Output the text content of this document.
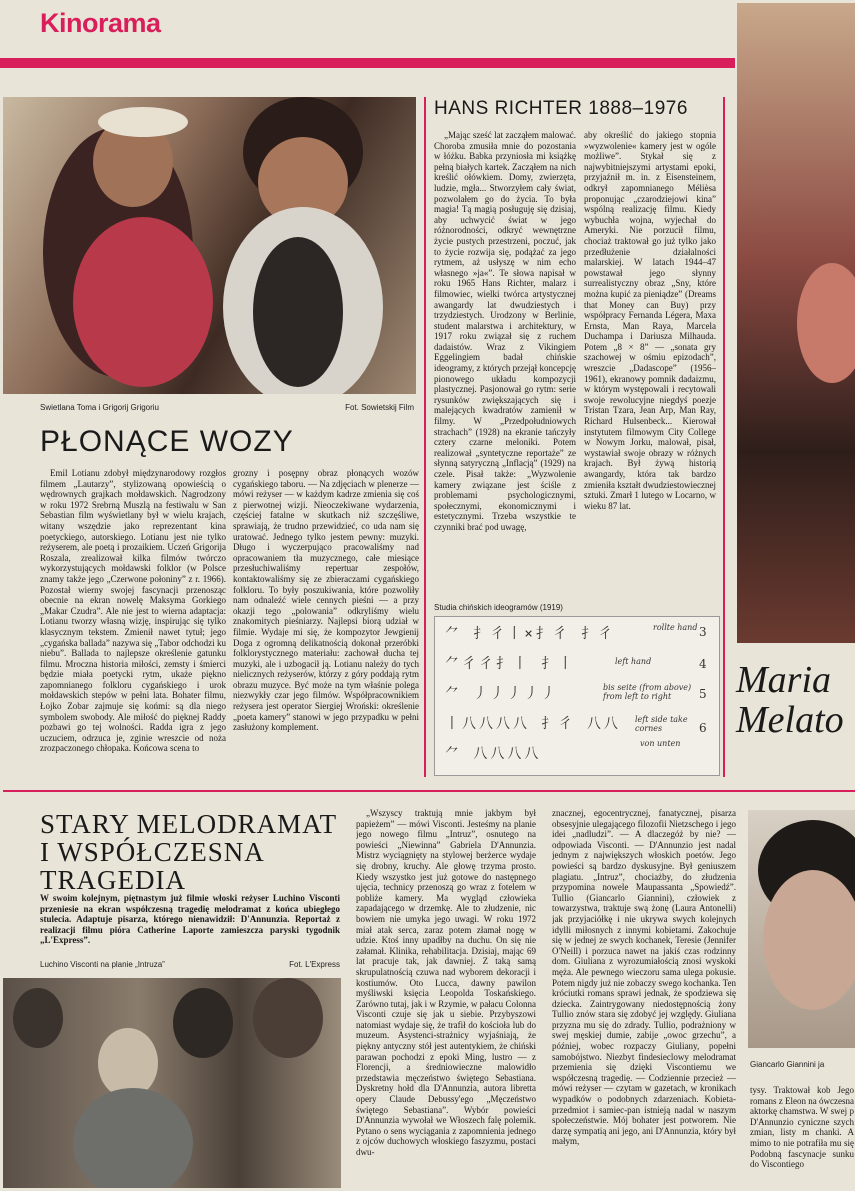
Kinorama
Swietlana Toma i Grigorij Grigoriu	Fot. Sowietskij Film
PŁONĄCE WOZY

Emil Lotianu zdobył międzynarodowy rozgłos filmem „Lautarzy”, stylizowaną opowieścią o wędrownych grajkach mołdawskich. Nagrodzony w roku 1972 Srebrną Muszlą na festiwalu w San Sebastian film wyświetlany był w wielu krajach, witany wszędzie jako reprezentant kina poetyckiego, autorskiego. Lotianu jest nie tylko reżyserem, ale poetą i prozaikiem. Uczeń Grigorija Roszala, zrealizował kilka filmów twórczo wykorzystujących mołdawski folklor (w Polsce znamy także jego „Czerwone połoniny” z r. 1966). Pozostał wierny swojej fascynacji przenosząc obecnie na ekran nowelę Maksyma Gorkiego „Makar Czudra”. Ale nie jest to wierna adaptacja: Lotianu tworzy własną wizję, inspirując się tylko klasycznym tekstem. Zmienił nawet tytuł; jego „cygańska ballada” nazywa się „Tabor odchodzi ku niebu”. Ballada to najlepsze określenie gatunku filmu. Mroczna historia miłości, zemsty i śmierci będzie miała poetycki rytm, ukaże piękno zapomnianego folkloru cygańskiego i urok mołdawskich stepów w pełni lata. Bohater filmu, Łojko Zobar zajmuje się końmi: są dla niego symbolem swobody. Ale miłość do pięknej Raddy pozbawi go tej wolności. Radda igra z jego uczuciem, odrzuca je, zginie wreszcie od noża zrozpaczonego chłopaka. Końcowa scena to

grozny i posępny obraz płonących wozów cygańskiego taboru. — Na zdjęciach w plenerze — mówi reżyser — w każdym kadrze zmienia się coś z pierwotnej wizji. Nieoczekiwane wydarzenia, częściej fatalne w skutkach niż szczęśliwe, sprawiają, że trudno przewidzieć, co uda nam się uratować. Jednego tylko jestem pewny: muzyki. Długo i wyczerpująco pracowaliśmy nad opracowaniem tła muzycznego, całe miesiące przesłuchiwaliśmy repertuar zespołów, kontaktowaliśmy się ze zbieraczami cygańskiego folkloru. To były poszukiwania, które pozwoliły nam odnaleźć wiele cennych pieśni — a przy okazji tego „polowania” odkryliśmy wielu znakomitych pieśniarzy. Najlepsi biorą udział w filmie. Wydaje mi się, że kompozytor Jewgienij Doga z ogromną delikatnością dokonał przeróbki folklorystycznego materiału: zachował ducha tej muzyki, ale i uzbogacił ją. Lotianu należy do tych nielicznych reżyserów, którzy z góry poddają rytm obrazu muzyce. Być może na tym właśnie polega niezwykły czar jego filmów. Współpracownikiem reżysera jest operator Siergiej Wroński: określenie „poeta kamery” stanowi w jego przypadku w pełni zasłużony komplement.

HANS RICHTER 1888–1976

„Mając sześć lat zacząłem malować. Choroba zmusiła mnie do pozostania w łóżku. Babka przyniosła mi książkę pełną białych kartek. Zacząłem na nich kreślić ołówkiem. Domy, zwierzęta, ludzie, mgła... Stworzyłem cały świat, pozwolałem go do życia. To była magia! Tą magią posługuję się dzisiaj, aby uchwycić świat w jego różnorodności, odkryć wewnętrzne życie pustych przestrzeni, poczuć, jak to życie rozwija się, podążać za jego rytmem, aż usłyszę w nim echo własnego »ja«”. Te słowa napisał w roku 1965 Hans Richter, malarz i filmowiec, wielki twórca artystycznej awangardy lat dwudziestych i trzydziestych. Urodzony w Berlinie, student malarstwa i architektury, w 1917 roku związał się z ruchem dadaistów. Wraz z Vikingiem Eggelingiem badał chińskie ideogramy, z których przejął koncepcję pionowego układu kompozycji plastycznej. Pasjonował go rytm: serie rysunków zwiększających się i malejących kwadratów zamienił w filmy. W „Przedpołudniowych strachach” (1928) na ekranie tańczyły cztery czarne meloniki. Potem realizował „syntetyczne reportaże” ze słynną satyryczną „Inflacją” (1929) na czele. Pisał także: „Wyzwolenie kamery związane jest ściśle z problemami psychologicznymi, społecznymi, ekonomicznymi i estetycznymi. Trzeba wszystkie te czynniki brać pod uwagę,

aby określić do jakiego stopnia »wyzwolenie« kamery jest w ogóle możliwe”. Stykał się z najwybitniejszymi artystami epoki, przyjaźnił m. in. z Eisensteinem, odkrył zapomnianego Mélièsa proponując „czarodziejowi kina” wspólną realizację filmu. Kiedy wybuchła wojna, wyjechał do Ameryki. Nie porzucił filmu, chociaż traktował go już tylko jako przedłużenie działalności malarskiej. W latach 1944–47 powstawał jego słynny surrealistyczny obraz „Sny, które można kupić za pieniądze” (Dreams that Money can Buy) przy współpracy Fernanda Légera, Maxa Ernsta, Man Raya, Marcela Duchampa i Dariusza Milhauda. Potem „8 × 8” — „sonata gry szachowej w ośmiu epizodach”, wreszcie „Dadascope” (1956–1961), ekranowy pomnik dadaizmu, w którym występowali i recytowali swoje rewolucyjne niegdyś poezje Tristan Tzara, Jean Arp, Man Ray, Richard Hulsenbeck... Kierował instytutem filmowym City College w Nowym Jorku, malował, pisał, wystawiał swoje obrazy w różnych krajach. Był żywą historią awangardy, która tak bardzo zmieniła kształt dwudziestowiecznej sztuki. Zmarł 1 lutego w Locarno, w wieku 87 lat.

Studia chińskich ideogramów (1919)
⺈ ⺘⼻⼁×⺘⼻ ⺘⼻
⺈⼻⼻⺘⼁ ⺘⼁
⺈ ⼃⼃⼃⼃⼃
⼁⼋⼋⼋⼋ ⺘⼻ ⼋⼋
⺈ ⼋⼋⼋⼋
rollte hand
left hand
bis seite (from above) from left to right
left side take cornes
von unten
3
4
5
6
Maria
Melato
STARY MELODRAMAT I WSPÓŁCZESNA TRAGEDIA
W swoim kolejnym, piętnastym już filmie włoski reżyser Luchino Visconti przeniesie na ekran współczesną tragedię melodramat z końca ubiegłego stulecia. Adaptuje pisarza, którego nienawidził: D'Annunzia. Reportaż z realizacji filmu pióra Catherine Laporte zamieszcza paryski tygodnik „L'Express”.
Luchino Visconti na planie „Intruza”	Fot. L'Express

„Wszyscy traktują mnie jakbym był papieżem” — mówi Visconti. Jesteśmy na planie jego nowego filmu „Intruz”, osnutego na powieści „Niewinna” Gabriela D'Annunzia. Mistrz wyciągnięty na stylowej berżerce wydaje się drobny, kruchy. Ale głowę trzyma prosto. Kiedy wszystko jest już gotowe do następnego ujęcia, technicy przenoszą go wraz z fotelem w pobliże kamery. Ma wygląd człowieka zapadającego w drzemkę. Ale to złudzenie, nic bowiem nie umyka jego uwagi. W roku 1972 miał atak serca, zaraz potem złamał nogę w udzie. Ktoś inny upadłby na duchu. On się nie załamał. Klinika, rehabilitacja. Dzisiaj, mając 69 lat pracuje tak, jak dawniej. Z taką samą skrupulatnością czuwa nad wyborem dekoracji i kostiumów. Oto Lucca, dawny pawilon myśliwski księcia Leopolda Toskańskiego. Zarówno tutaj, jak i w Rzymie, w pałacu Colonna Visconti czuje się jak u siebie. Przybyszowi natomiast wydaje się, że trafił do kościoła lub do muzeum. Asystenci-strażnicy wyjaśniają, że piękny antyczny stół jest autentykiem, że chiński parawan pochodzi z epoki Ming, lustro — z Florencji, a średniowieczne malowidło przedstawia męczeństwo świętego Sebastiana. Dyskretny hołd dla D'Annunzia, autora libretta opery Claude Debussy'ego „Męczeństwo świętego Sebastiana”. Wybór powieści D'Annunzia wywołał we Włoszech falę polemik. Pytano o sens wyciągania z zapomnienia jednego z ojców duchowych włoskiego faszyzmu, postaci dwu-

znacznej, egocentrycznej, fanatycznej, pisarza obsesyjnie ulegającego filozofii Nietzschego i jego idei „nadludzi”. — A dlaczegóż by nie? — odpowiada Visconti. — D'Annunzio jest nadal jednym z największych włoskich poetów. Jego powieści są bardzo dyskusyjne. Był geniuszem plagiatu. „Intruz”, chociażby, do złudzenia przypomina nowele Maupassanta „Spowiedź”. Tullio (Giancarlo Giannini), człowiek z towarzystwa, traktuje swą żonę (Laura Antonelli) jak przyjaciółkę i nie ukrywa swych kolejnych idylli miłosnych z innymi kobietami. Zakochuje się w jednej ze swych kochanek, Teresie (Jennifer O'Neill) i porzuca nawet na jakiś czas rodzinny dom. Giuliana z wyrozumiałością znosi wyskoki męża. Ale pewnego wieczoru sama ulega pokusie. Potem nigdy już nie zobaczy swego kochanka. Ten króciutki romans sprawi jednak, że spodziewa się dziecka. Zaintrygowany niedostępnością żony Tullio znów stara się zdobyć jej względy. Giuliana przyzna mu się do zdrady. Tullio, podrażniony w swej męskiej dumie, zabije „owoc grzechu”, a później, wobec rozpaczy Giuliany, popełni samobójstwo. Niezbyt findesieclowy melodramat przemienia się dzięki Viscontiemu we współczesną tragedię. — Codziennie przecież — mówi reżyser — czytam w gazetach, w kronikach wypadków o podobnych zdarzeniach. Kobieta-przedmiot i samiec-pan istnieją nadal w naszym społeczeństwie. Mój bohater jest potworem. Nie darzę sympatią ani jego, ani D'Annunzia, który był małym,

Giancarlo Giannini ja

tysy. Traktował kob Jego romans z Eleon na ówczesna aktorkę chamstwa. W swej p D'Annunzio cyniczne szych zmian, listy m chanki. A mimo to nie potrafiła mu się Podobną fascynacje sunku do Viscontiego
